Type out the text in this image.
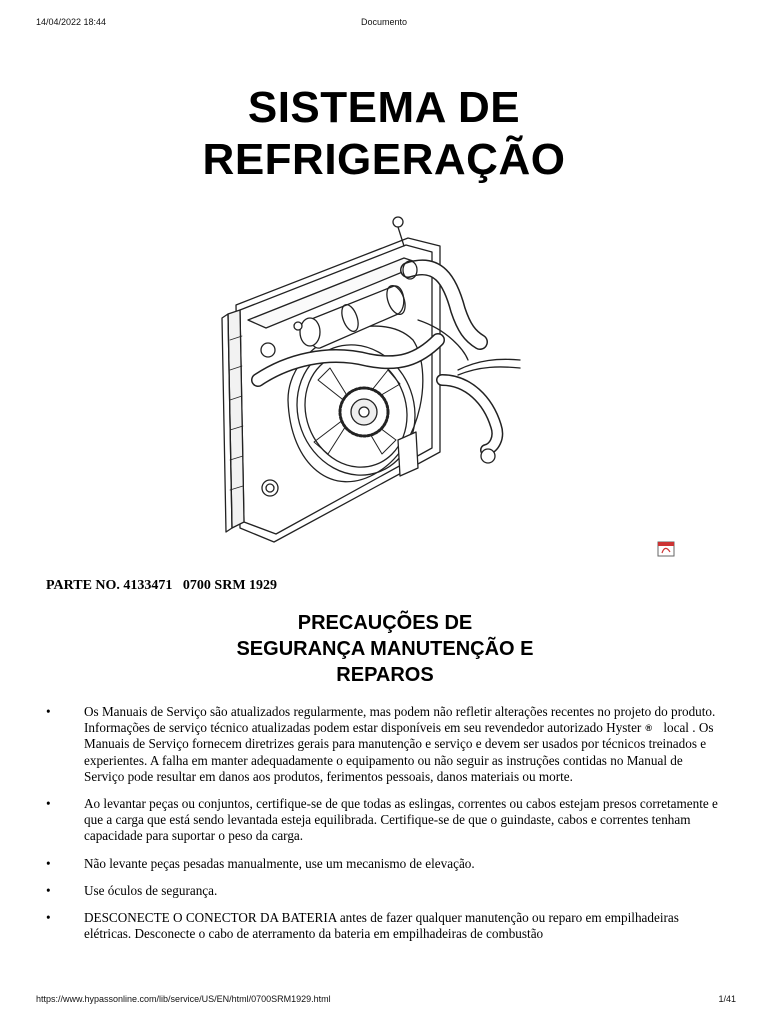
14/04/2022 18:44	Documento
SISTEMA DE
REFRIGERAÇÃO
PARTE NO. 4133471   0700 SRM 1929
PRECAUÇÕES DE
SEGURANÇA MANUTENÇÃO E
REPAROS
•	Os Manuais de Serviço são atualizados regularmente, mas podem não refletir alterações recentes no projeto do produto. Informações de serviço técnico atualizadas podem estar disponíveis em seu revendedor autorizado Hyster ® local . Os Manuais de Serviço fornecem diretrizes gerais para manutenção e serviço e devem ser usados por técnicos treinados e experientes. A falha em manter adequadamente o equipamento ou não seguir as instruções contidas no Manual de Serviço pode resultar em danos aos produtos, ferimentos pessoais, danos materiais ou morte.
•	Ao levantar peças ou conjuntos, certifique-se de que todas as eslingas, correntes ou cabos estejam presos corretamente e que a carga que está sendo levantada esteja equilibrada. Certifique-se de que o guindaste, cabos e correntes tenham capacidade para suportar o peso da carga.
•	Não levante peças pesadas manualmente, use um mecanismo de elevação.
•	Use óculos de segurança.
•	DESCONECTE O CONECTOR DA BATERIA antes de fazer qualquer manutenção ou reparo em empilhadeiras elétricas. Desconecte o cabo de aterramento da bateria em empilhadeiras de combustão
https://www.hypassonline.com/lib/service/US/EN/html/0700SRM1929.html	1/41
